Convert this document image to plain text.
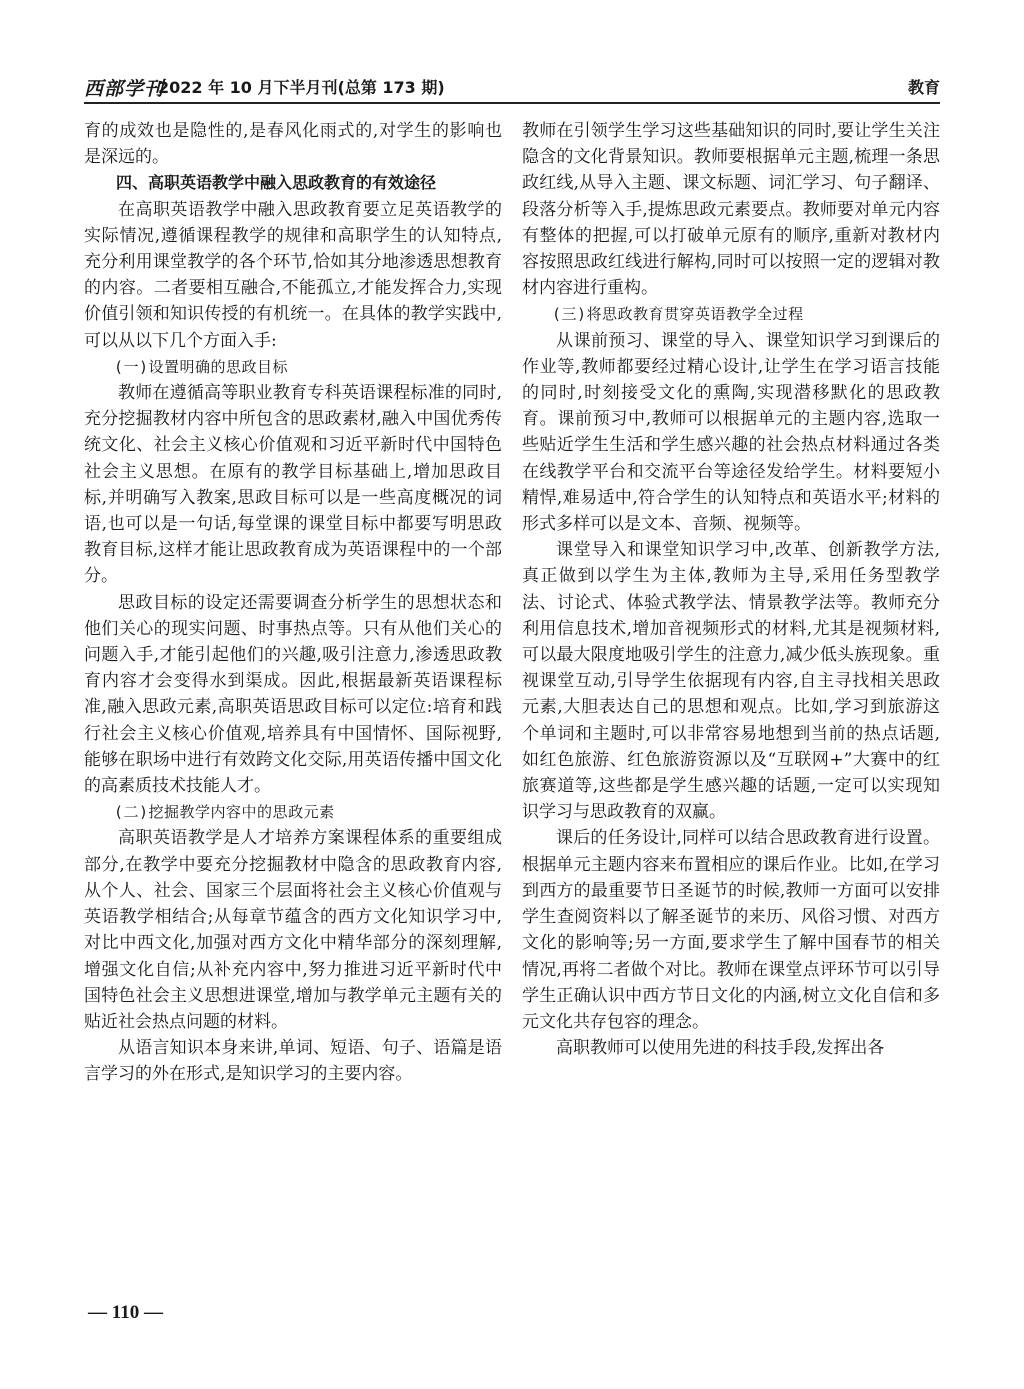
西部学刊
2022 年 10 月下半月刊(总第 173 期)	教育

育的成效也是隐性的,是春风化雨式的,对学生的影响也是深远的。

四、高职英语教学中融入思政教育的有效途径

在高职英语教学中融入思政教育要立足英语教学的实际情况,遵循课程教学的规律和高职学生的认知特点,充分利用课堂教学的各个环节,恰如其分地渗透思想教育的内容。二者要相互融合,不能孤立,才能发挥合力,实现价值引领和知识传授的有机统一。在具体的教学实践中,可以从以下几个方面入手:

(一)设置明确的思政目标

教师在遵循高等职业教育专科英语课程标准的同时,充分挖掘教材内容中所包含的思政素材,融入中国优秀传统文化、社会主义核心价值观和习近平新时代中国特色社会主义思想。在原有的教学目标基础上,增加思政目标,并明确写入教案,思政目标可以是一些高度概况的词语,也可以是一句话,每堂课的课堂目标中都要写明思政教育目标,这样才能让思政教育成为英语课程中的一个部分。

思政目标的设定还需要调查分析学生的思想状态和他们关心的现实问题、时事热点等。只有从他们关心的问题入手,才能引起他们的兴趣,吸引注意力,渗透思政教育内容才会变得水到渠成。因此,根据最新英语课程标准,融入思政元素,高职英语思政目标可以定位:培育和践行社会主义核心价值观,培养具有中国情怀、国际视野,能够在职场中进行有效跨文化交际,用英语传播中国文化的高素质技术技能人才。

(二)挖掘教学内容中的思政元素

高职英语教学是人才培养方案课程体系的重要组成部分,在教学中要充分挖掘教材中隐含的思政教育内容,从个人、社会、国家三个层面将社会主义核心价值观与英语教学相结合;从每章节蕴含的西方文化知识学习中,对比中西文化,加强对西方文化中精华部分的深刻理解,增强文化自信;从补充内容中,努力推进习近平新时代中国特色社会主义思想进课堂,增加与教学单元主题有关的贴近社会热点问题的材料。

从语言知识本身来讲,单词、短语、句子、语篇是语言学习的外在形式,是知识学习的主要内容。

教师在引领学生学习这些基础知识的同时,要让学生关注隐含的文化背景知识。教师要根据单元主题,梳理一条思政红线,从导入主题、课文标题、词汇学习、句子翻译、段落分析等入手,提炼思政元素要点。教师要对单元内容有整体的把握,可以打破单元原有的顺序,重新对教材内容按照思政红线进行解构,同时可以按照一定的逻辑对教材内容进行重构。

(三)将思政教育贯穿英语教学全过程

从课前预习、课堂的导入、课堂知识学习到课后的作业等,教师都要经过精心设计,让学生在学习语言技能的同时,时刻接受文化的熏陶,实现潜移默化的思政教育。课前预习中,教师可以根据单元的主题内容,选取一些贴近学生生活和学生感兴趣的社会热点材料通过各类在线教学平台和交流平台等途径发给学生。材料要短小精悍,难易适中,符合学生的认知特点和英语水平;材料的形式多样可以是文本、音频、视频等。

课堂导入和课堂知识学习中,改革、创新教学方法,真正做到以学生为主体,教师为主导,采用任务型教学法、讨论式、体验式教学法、情景教学法等。教师充分利用信息技术,增加音视频形式的材料,尤其是视频材料,可以最大限度地吸引学生的注意力,减少低头族现象。重视课堂互动,引导学生依据现有内容,自主寻找相关思政元素,大胆表达自己的思想和观点。比如,学习到旅游这个单词和主题时,可以非常容易地想到当前的热点话题,如红色旅游、红色旅游资源以及“互联网+”大赛中的红旅赛道等,这些都是学生感兴趣的话题,一定可以实现知识学习与思政教育的双赢。

课后的任务设计,同样可以结合思政教育进行设置。根据单元主题内容来布置相应的课后作业。比如,在学习到西方的最重要节日圣诞节的时候,教师一方面可以安排学生查阅资料以了解圣诞节的来历、风俗习惯、对西方文化的影响等;另一方面,要求学生了解中国春节的相关情况,再将二者做个对比。教师在课堂点评环节可以引导学生正确认识中西方节日文化的内涵,树立文化自信和多元文化共存包容的理念。

高职教师可以使用先进的科技手段,发挥出各

— 110 —
